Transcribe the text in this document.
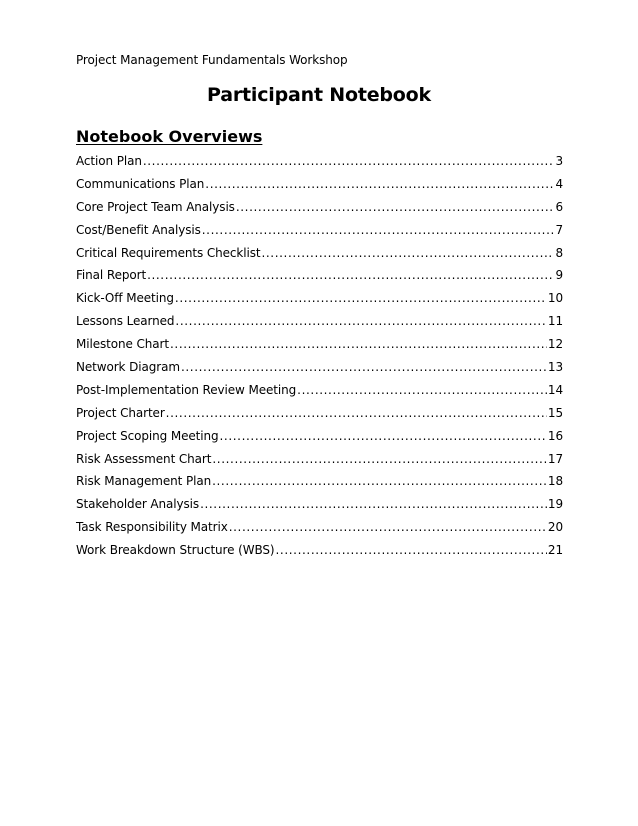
Project Management Fundamentals Workshop
Participant Notebook
Notebook Overviews
Action Plan .....	3
Communications Plan .....	4
Core Project Team Analysis .....	6
Cost/Benefit Analysis .....	7
Critical Requirements Checklist .....	8
Final Report .....	9
Kick-Off Meeting .....	10
Lessons Learned .....	11
Milestone Chart .....	12
Network Diagram .....	13
Post-Implementation Review Meeting .....	14
Project Charter .....	15
Project Scoping Meeting .....	16
Risk Assessment Chart .....	17
Risk Management Plan .....	18
Stakeholder Analysis .....	19
Task Responsibility Matrix .....	20
Work Breakdown Structure (WBS) .....	21
